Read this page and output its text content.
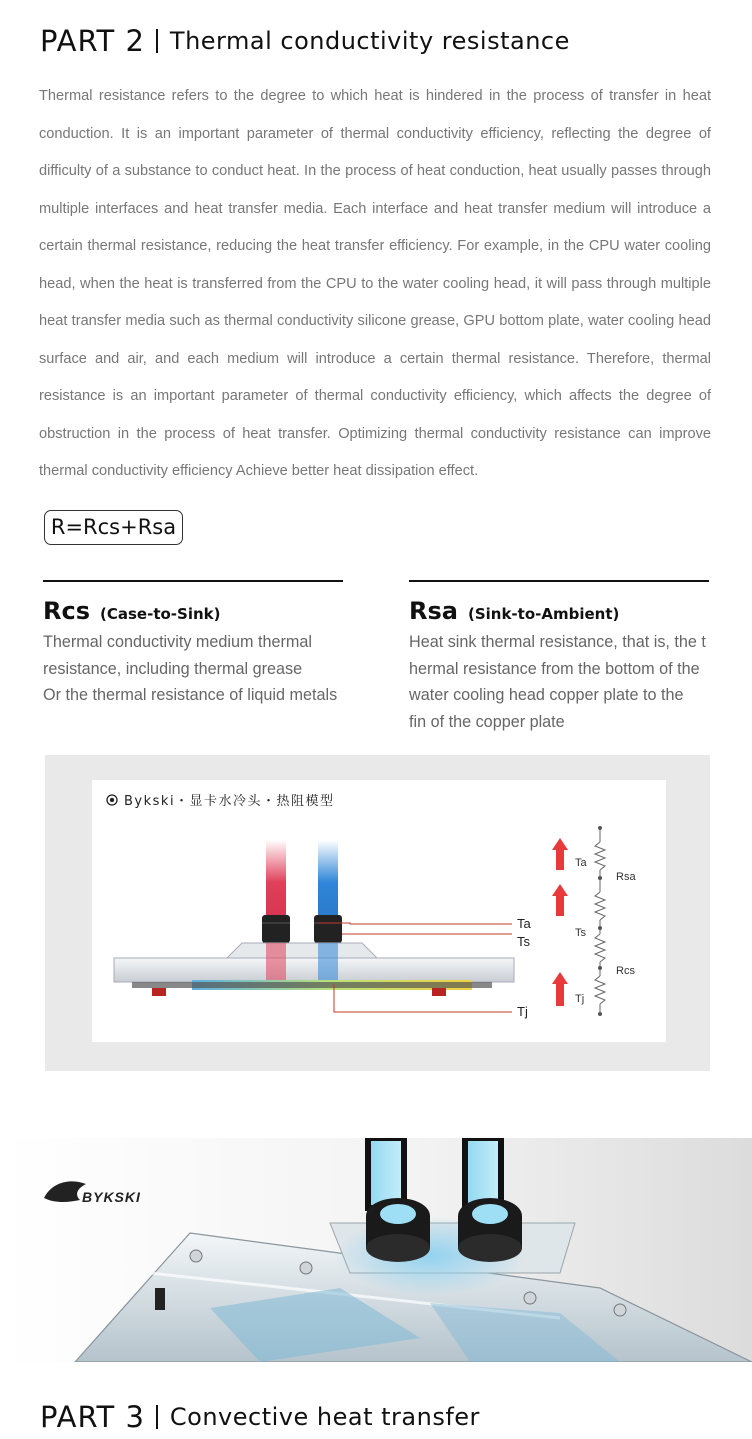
PART 2 Thermal conductivity resistance

Thermal resistance refers to the degree to which heat is hindered in the process of transfer in heat conduction. It is an important parameter of thermal conductivity efficiency, reflecting the degree of difficulty of a substance to conduct heat. In the process of heat conduction, heat usually passes through multiple interfaces and heat transfer media. Each interface and heat transfer medium will introduce a certain thermal resistance, reducing the heat transfer efficiency. For example, in the CPU water cooling head, when the heat is transferred from the CPU to the water cooling head, it will pass through multiple heat transfer media such as thermal conductivity silicone grease, GPU bottom plate, water cooling head surface and air, and each medium will introduce a certain thermal resistance. Therefore, thermal resistance is an important parameter of thermal conductivity efficiency, which affects the degree of obstruction in the process of heat transfer. Optimizing thermal conductivity resistance can improve thermal conductivity efficiency Achieve better heat dissipation effect.

R=Rcs+Rsa
Rcs (Case-to-Sink)
Thermal conductivity medium thermal
resistance, including thermal grease
Or the thermal resistance of liquid metals
Rsa (Sink-to-Ambient)
Heat sink thermal resistance, that is, the t
hermal resistance from the bottom of the
water cooling head copper plate to the
fin of the copper plate
Ta
Ts
Tj
Ta
Ts
Tj
Rsa
Rcs
Bykski・显卡水冷头・热阻模型
BYKSKI
PART 3 Convective heat transfer
